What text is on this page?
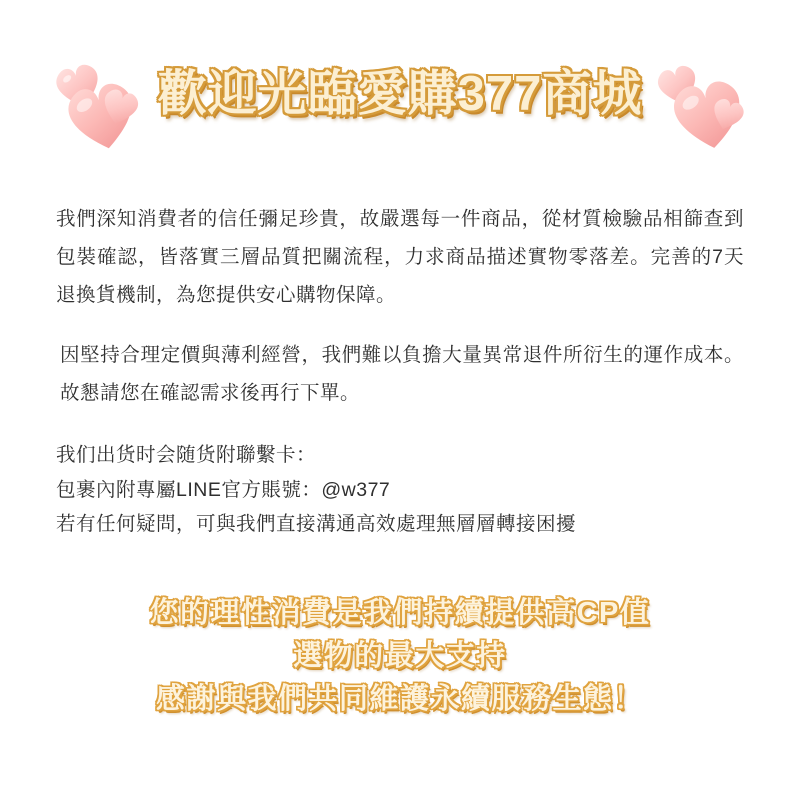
歡迎光臨愛購377商城

我們深知消費者的信任彌足珍貴，故嚴選每一件商品，從材質檢驗品相篩查到包裝確認，皆落實三層品質把關流程，力求商品描述實物零落差。完善的7天退換貨機制，為您提供安心購物保障。

因堅持合理定價與薄利經營，我們難以負擔大量異常退件所衍生的運作成本。故懇請您在確認需求後再行下單。

我们出货时会随货附聯繫卡：
包裹內附專屬LINE官方賬號：@w377
若有任何疑問，可與我們直接溝通高效處理無層層轉接困擾
您的理性消費是我們持續提供高CP值
選物的最大支持
感謝與我們共同維護永續服務生態！
